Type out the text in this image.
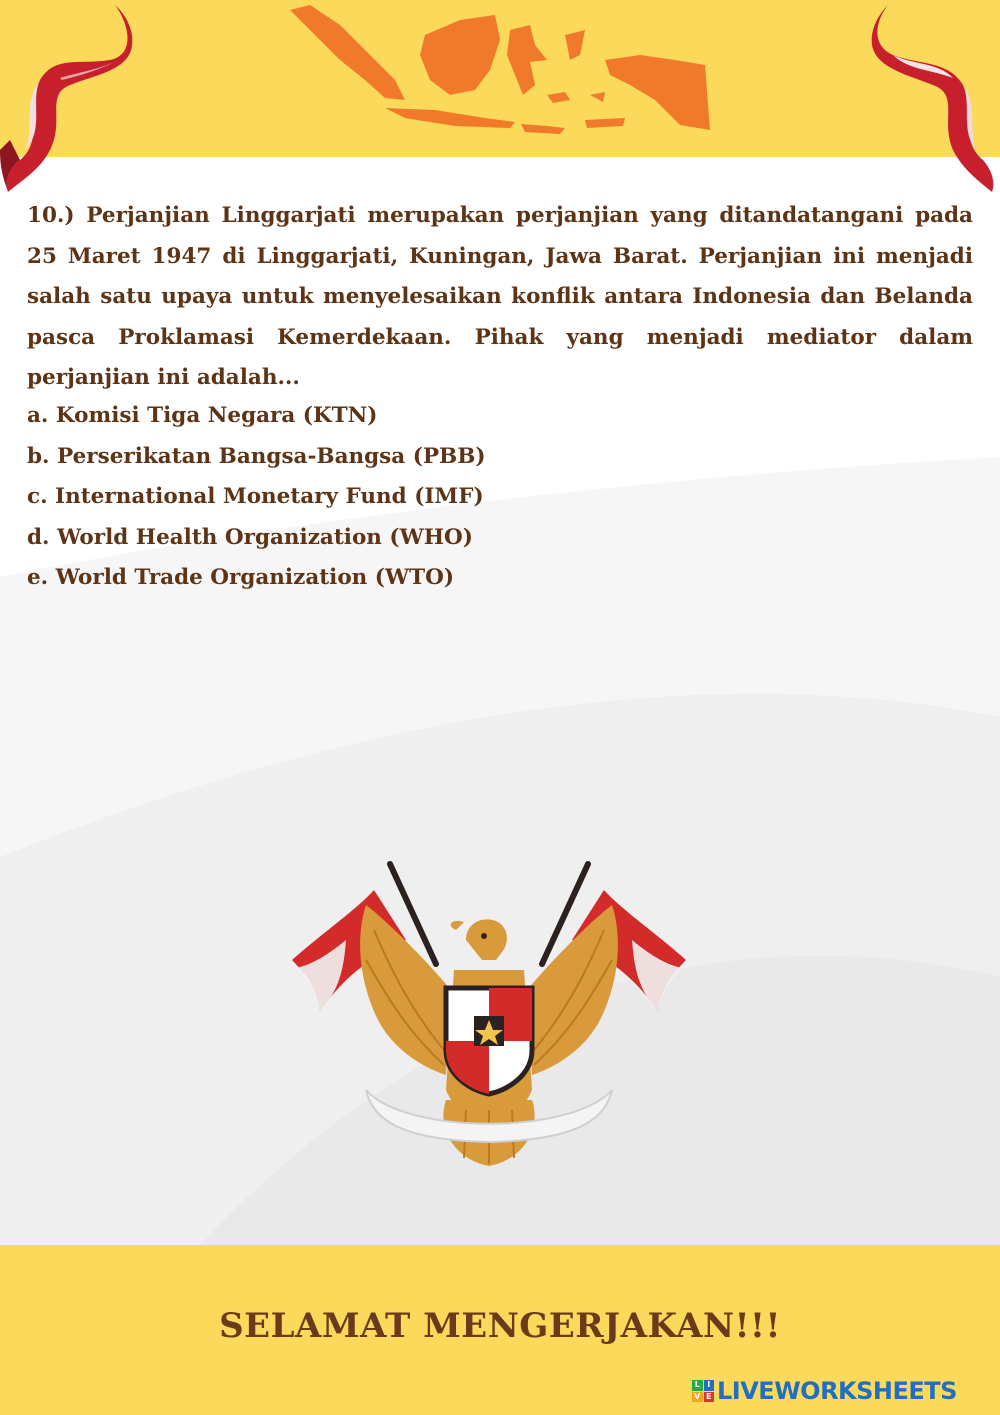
10.) Perjanjian Linggarjati merupakan perjanjian yang ditandatangani pada 25 Maret 1947 di Linggarjati, Kuningan, Jawa Barat. Perjanjian ini menjadi salah satu upaya untuk menyelesaikan konflik antara Indonesia dan Belanda pasca Proklamasi Kemerdekaan. Pihak yang menjadi mediator dalam perjanjian ini adalah...
a. Komisi Tiga Negara (KTN)
b. Perserikatan Bangsa-Bangsa (PBB)
c. International Monetary Fund (IMF)
d. World Health Organization (WHO)
e. World Trade Organization (WTO)
SELAMAT MENGERJAKAN!!!
L I
V E LIVEWORKSHEETS
